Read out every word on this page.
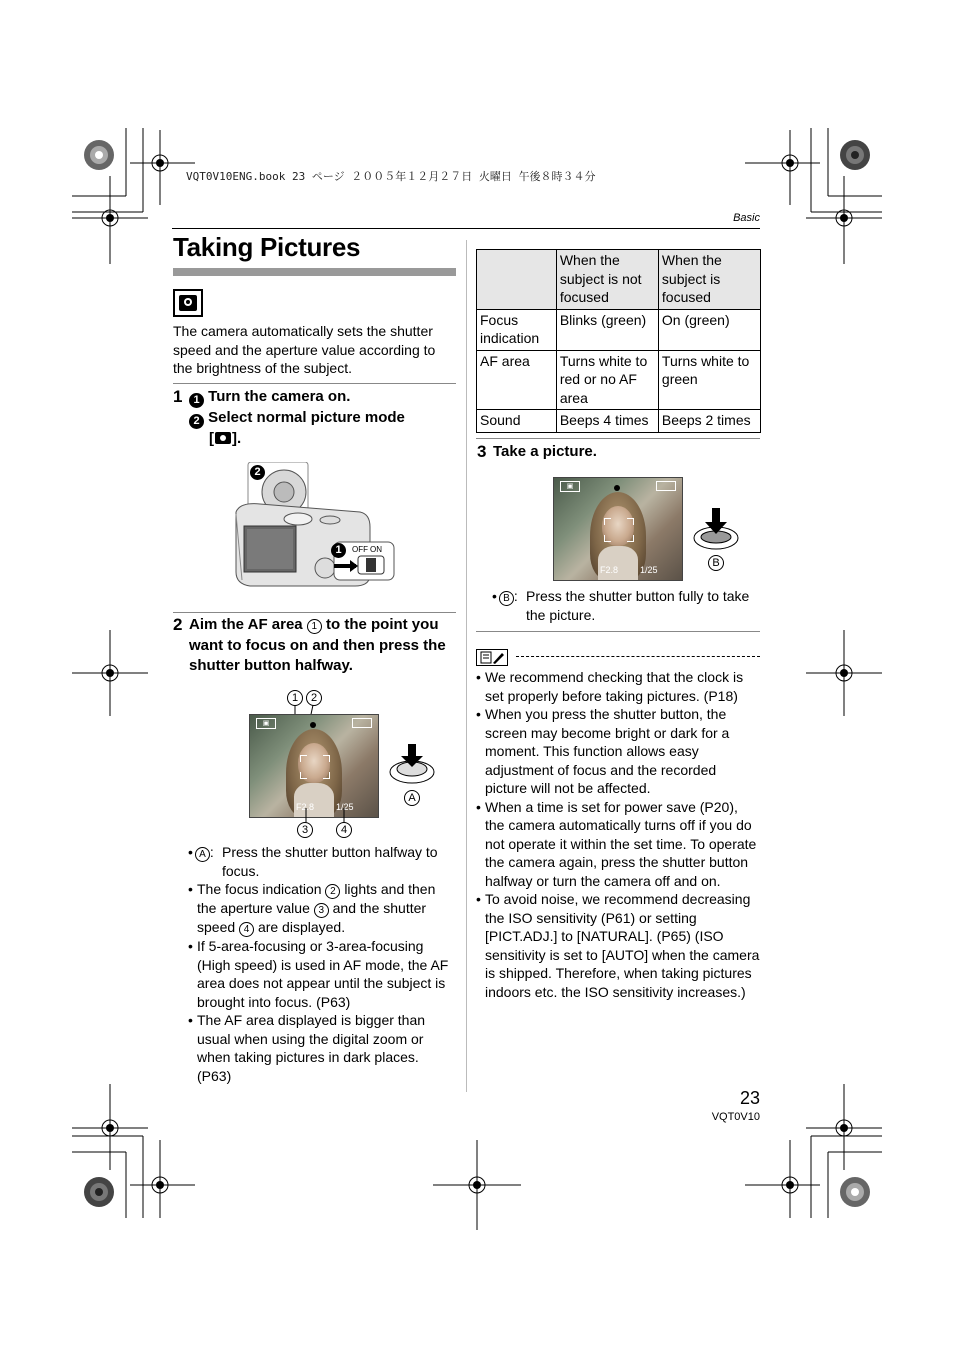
VQT0V10ENG.book 23 ページ ２００５年１２月２７日 火曜日 午後８時３４分
Basic
Taking Pictures

The camera automatically sets the shutter speed and the aperture value according to the brightness of the subject.

1 1 Turn the camera on.
2 Select normal picture mode
[ ].
2
1	OFF ON
2 Aim the AF area 1 to the point you want to focus on and then press the shutter button halfway.
1	2
▣
F2.8 1/25
3	4
A
• A : Press the shutter button halfway to focus.
• The focus indication 2 lights and then the aperture value 3 and the shutter speed 4 are displayed.
• If 5-area-focusing or 3-area-focusing (High speed) is used in AF mode, the AF area does not appear until the subject is brought into focus. (P63)
• The AF area displayed is bigger than usual when using the digital zoom or when taking pictures in dark places. (P63)
	When the subject is not focused	When the subject is focused
Focus indication	Blinks (green)	On (green)
AF area	Turns white to red or no AF area	Turns white to green
Sound	Beeps 4 times	Beeps 2 times
3 Take a picture.
▣
F2.8 1/25
B
• B : Press the shutter button fully to take the picture.
• We recommend checking that the clock is set properly before taking pictures. (P18)
• When you press the shutter button, the screen may become bright or dark for a moment. This function allows easy adjustment of focus and the recorded picture will not be affected.
• When a time is set for power save (P20), the camera automatically turns off if you do not operate it within the set time. To operate the camera again, press the shutter button halfway or turn the camera off and on.
• To avoid noise, we recommend decreasing the ISO sensitivity (P61) or setting [PICT.ADJ.] to [NATURAL]. (P65) (ISO sensitivity is set to [AUTO] when the camera is shipped. Therefore, when taking pictures indoors etc. the ISO sensitivity increases.)
23
VQT0V10
